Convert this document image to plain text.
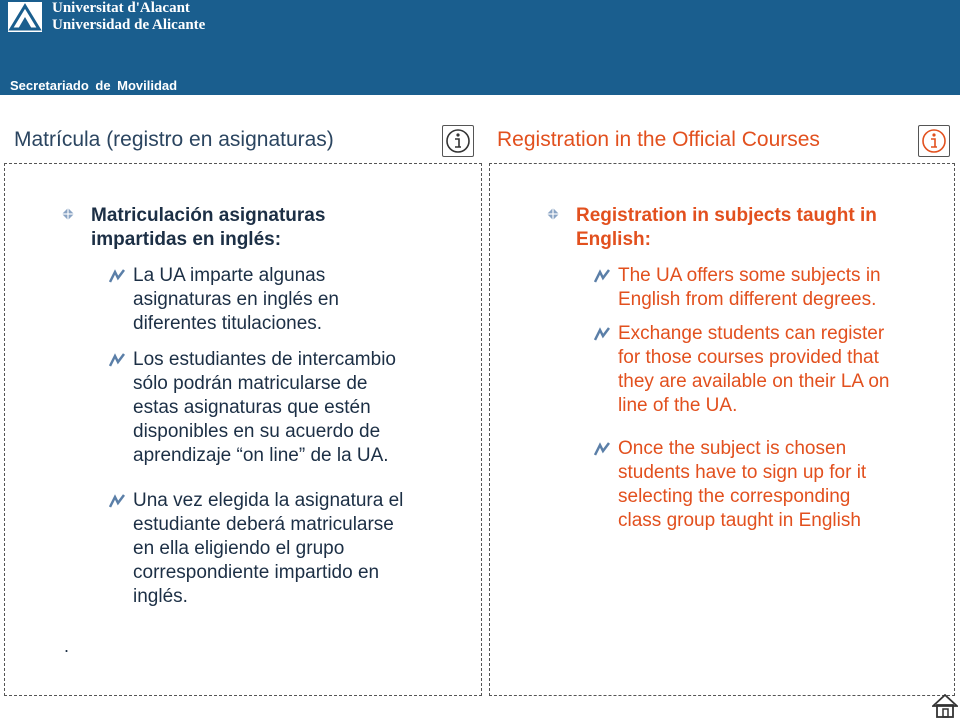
Universitat d'Alacant
Universidad de Alicante
Secretariado de Movilidad
Matrícula (registro en asignaturas)	Registration in the Official Courses
Matriculación asignaturas
impartidas en inglés:
La UA imparte algunas
asignaturas en inglés en
diferentes titulaciones.
Los estudiantes de intercambio
sólo podrán matricularse de
estas asignaturas que estén
disponibles en su acuerdo de
aprendizaje “on line” de la UA.
Una vez elegida la asignatura el
estudiante deberá matricularse
en ella eligiendo el grupo
correspondiente impartido en
inglés.
.
Registration in subjects taught in
English:
The UA offers some subjects in
English from different degrees.
Exchange students can register
for those courses provided that
they are available on their LA on
line of the UA.
Once the subject is chosen
students have to sign up for it
selecting the corresponding
class group taught in English
